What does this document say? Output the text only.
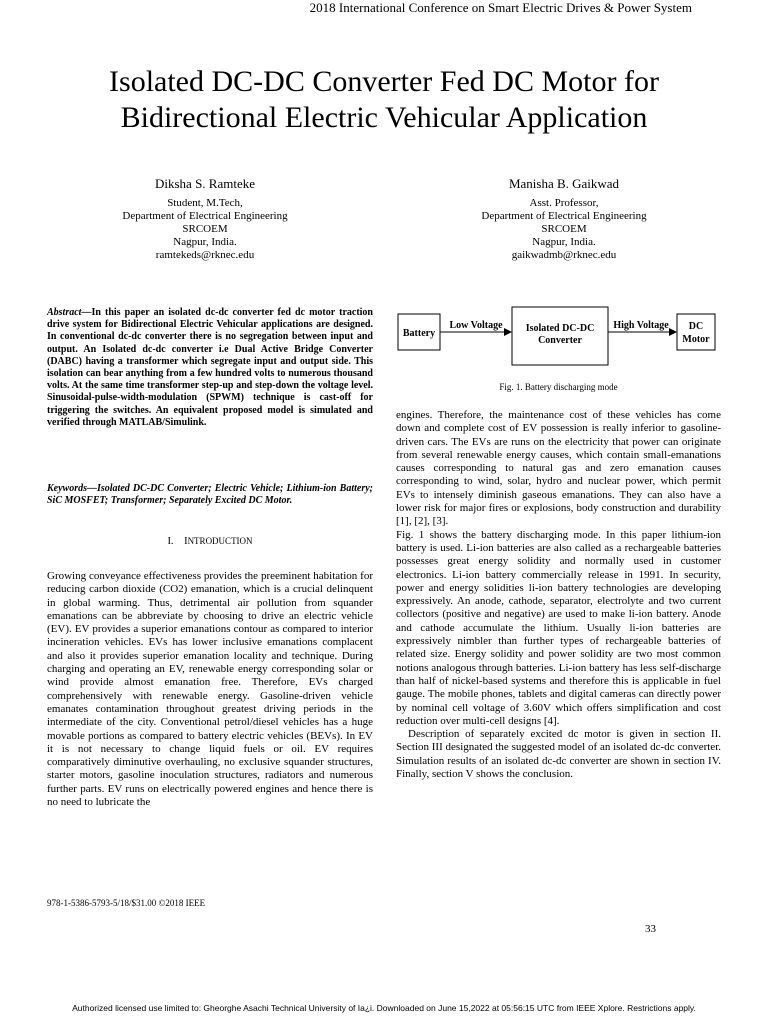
2018 International Conference on Smart Electric Drives & Power System
Isolated DC-DC Converter Fed DC Motor for
Bidirectional Electric Vehicular Application
Diksha S. Ramteke
Student, M.Tech,
Department of Electrical Engineering
SRCOEM
Nagpur, India.
ramtekeds@rknec.edu
Manisha B. Gaikwad
Asst. Professor,
Department of Electrical Engineering
SRCOEM
Nagpur, India.
gaikwadmb@rknec.edu
Abstract—In this paper an isolated dc-dc converter fed dc motor traction drive system for Bidirectional Electric Vehicular applications are designed. In conventional dc-dc converter there is no segregation between input and output. An Isolated dc-dc converter i.e Dual Active Bridge Converter (DABC) having a transformer which segregate input and output side. This isolation can bear anything from a few hundred volts to numerous thousand volts. At the same time transformer step-up and step-down the voltage level. Sinusoidal-pulse-width-modulation (SPWM) technique is cast-off for triggering the switches. An equivalent proposed model is simulated and verified through MATLAB/Simulink.
Keywords—Isolated DC-DC Converter; Electric Vehicle; Lithium-ion Battery; SiC MOSFET; Transformer; Separately Excited DC Motor.
I. INTRODUCTION

Growing conveyance effectiveness provides the preeminent habitation for reducing carbon dioxide (CO2) emanation, which is a crucial delinquent in global warming. Thus, detrimental air pollution from squander emanations can be abbreviate by choosing to drive an electric vehicle (EV). EV provides a superior emanations contour as compared to interior incineration vehicles. EVs has lower inclusive emanations complacent and also it provides superior emanation locality and technique. During charging and operating an EV, renewable energy corresponding solar or wind provide almost emanation free. Therefore, EVs charged comprehensively with renewable energy. Gasoline-driven vehicle emanates contamination throughout greatest driving periods in the intermediate of the city. Conventional petrol/diesel vehicles has a huge movable portions as compared to battery electric vehicles (BEVs). In EV it is not necessary to change liquid fuels or oil. EV requires comparatively diminutive overhauling, no exclusive squander structures, starter motors, gasoline inoculation structures, radiators and numerous further parts. EV runs on electrically powered engines and hence there is no need to lubricate the

Battery
Low Voltage Isolated DC-DC
Converter
High Voltage DC
Motor
Fig. 1. Battery discharging mode

engines. Therefore, the maintenance cost of these vehicles has come down and complete cost of EV possession is really inferior to gasoline-driven cars. The EVs are runs on the electricity that power can originate from several renewable energy causes, which contain small-emanations causes corresponding to natural gas and zero emanation causes corresponding to wind, solar, hydro and nuclear power, which permit EVs to intensely diminish gaseous emanations. They can also have a lower risk for major fires or explosions, body construction and durability [1], [2], [3].

Fig. 1 shows the battery discharging mode. In this paper lithium-ion battery is used. Li-ion batteries are also called as a rechargeable batteries possesses great energy solidity and normally used in customer electronics. Li-ion battery commercially release in 1991. In security, power and energy solidities li-ion battery technologies are developing expressively. An anode, cathode, separator, electrolyte and two current collectors (positive and negative) are used to make li-ion battery. Anode and cathode accumulate the lithium. Usually li-ion batteries are expressively nimbler than further types of rechargeable batteries of related size. Energy solidity and power solidity are two most common notions analogous through batteries. Li-ion battery has less self-discharge than half of nickel-based systems and therefore this is applicable in fuel gauge. The mobile phones, tablets and digital cameras can directly power by nominal cell voltage of 3.60V which offers simplification and cost reduction over multi-cell designs [4].

Description of separately excited dc motor is given in section II. Section III designated the suggested model of an isolated dc-dc converter. Simulation results of an isolated dc-dc converter are shown in section IV. Finally, section V shows the conclusion.

978-1-5386-5793-5/18/$31.00 ©2018 IEEE
33
Authorized licensed use limited to: Gheorghe Asachi Technical University of Ia¿i. Downloaded on June 15,2022 at 05:56:15 UTC from IEEE Xplore. Restrictions apply.
